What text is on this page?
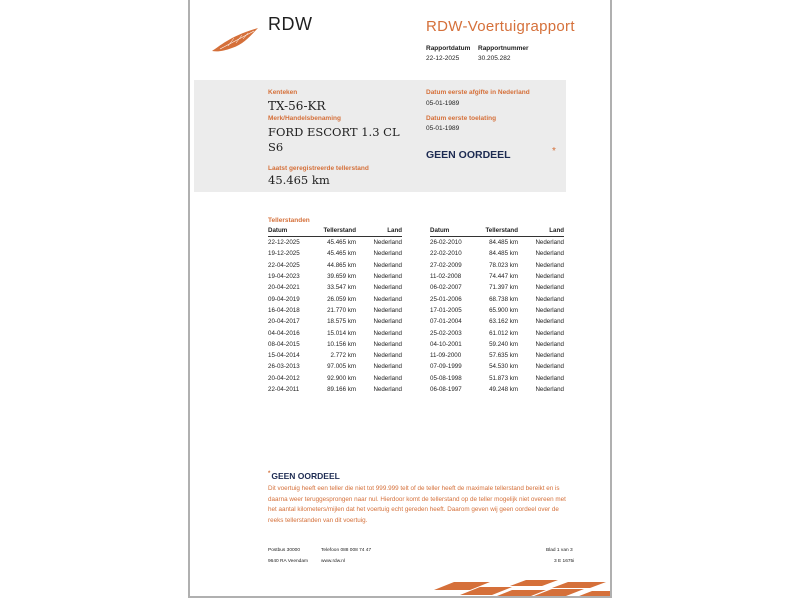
RDW	RDW-Voertuigrapport
Rapportdatum Rapportnummer
22-12-2025	30.205.282
Kenteken
TX-56-KR
Merk/Handelsbenaming
FORD ESCORT 1.3 CL
S6
Laatst geregistreerde tellerstand
45.465 km
Datum eerste afgifte in Nederland
05-01-1989
Datum eerste toelating
05-01-1989
GEEN OORDEEL	*
Tellerstanden
Datum	Tellerstand	Land
22-12-2025	45.465 km	Nederland
19-12-2025	45.465 km	Nederland
22-04-2025	44.865 km	Nederland
19-04-2023	39.659 km	Nederland
20-04-2021	33.547 km	Nederland
09-04-2019	26.059 km	Nederland
16-04-2018	21.770 km	Nederland
20-04-2017	18.575 km	Nederland
04-04-2016	15.014 km	Nederland
08-04-2015	10.156 km	Nederland
15-04-2014	2.772 km	Nederland
26-03-2013	97.005 km	Nederland
20-04-2012	92.900 km	Nederland
22-04-2011	89.166 km	Nederland
Datum	Tellerstand	Land
26-02-2010	84.485 km	Nederland
22-02-2010	84.485 km	Nederland
27-02-2009	78.023 km	Nederland
11-02-2008	74.447 km	Nederland
06-02-2007	71.397 km	Nederland
25-01-2006	68.738 km	Nederland
17-01-2005	65.900 km	Nederland
07-01-2004	63.162 km	Nederland
25-02-2003	61.012 km	Nederland
04-10-2001	59.240 km	Nederland
11-09-2000	57.635 km	Nederland
07-09-1999	54.530 km	Nederland
05-08-1998	51.873 km	Nederland
06-08-1997	49.248 km	Nederland
*GEEN OORDEEL
Dit voertuig heeft een teller die niet tot 999.999 telt of de teller heeft de maximale tellerstand bereikt en is daarna weer teruggesprongen naar nul. Hierdoor komt de tellerstand op de teller mogelijk niet overeen met het aantal kilometers/mijlen dat het voertuig echt gereden heeft. Daarom geven wij geen oordeel over de reeks tellerstanden van dit voertuig.
Postbus 30000
9640 RA Veendam
Telefoon 088 008 74 47
www.rdw.nl
Blad 1 van 3
3 E 1675i
